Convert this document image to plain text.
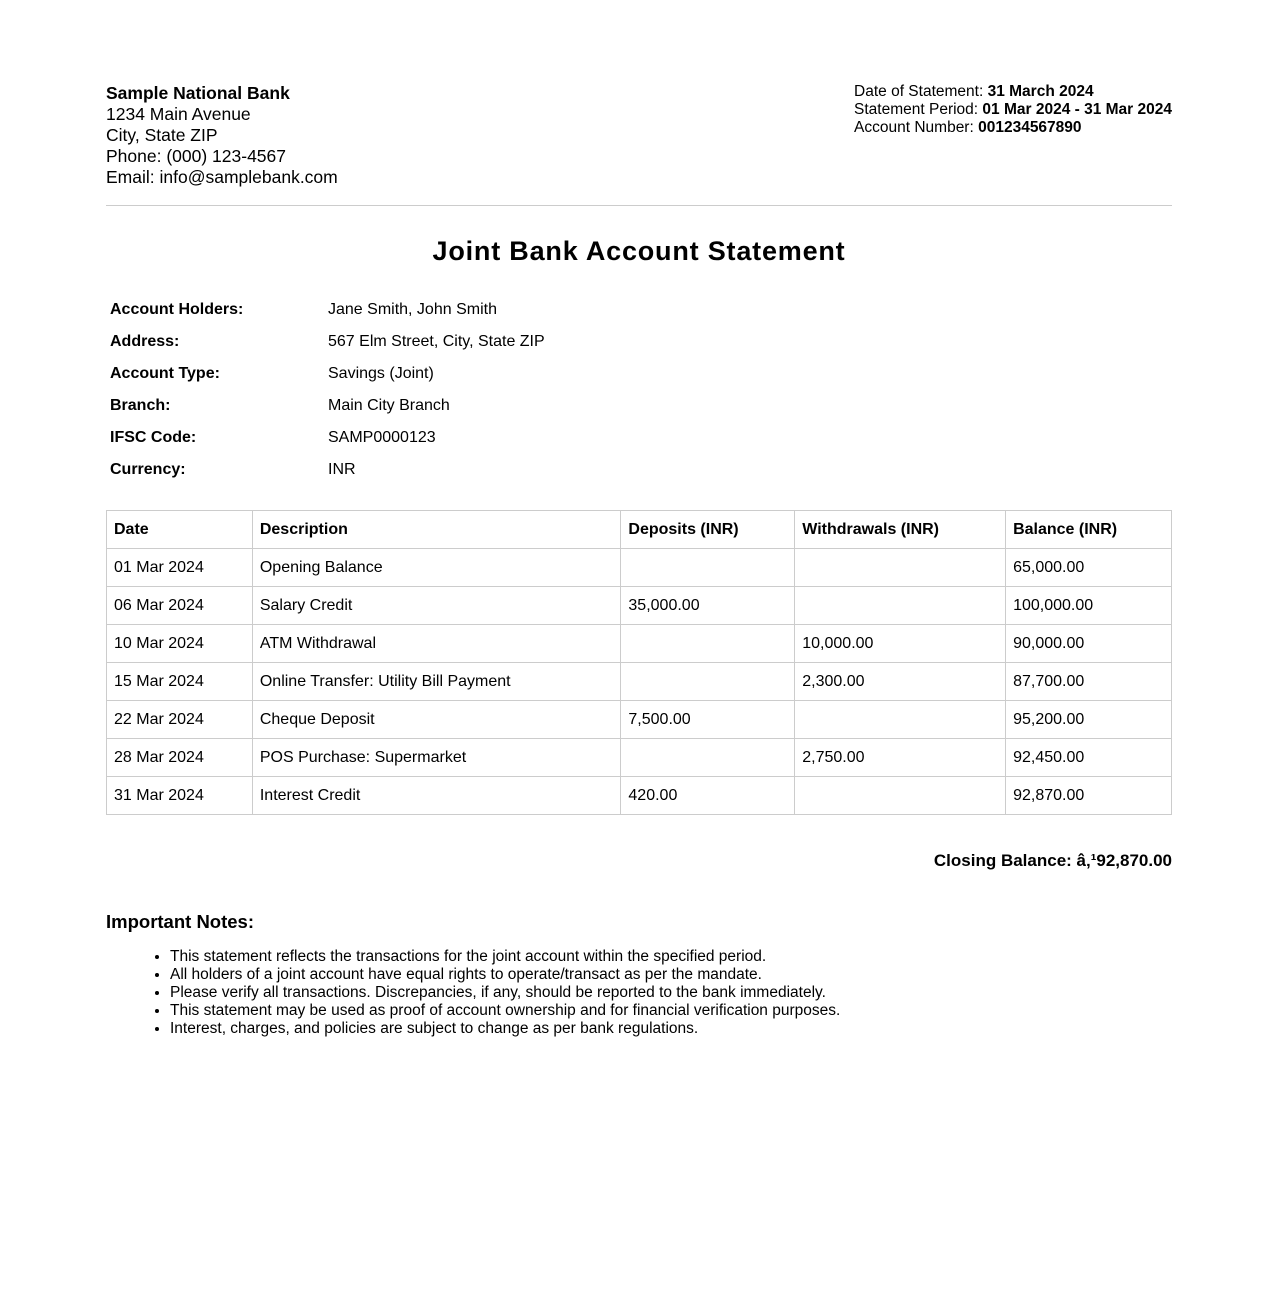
Sample National Bank
1234 Main Avenue
City, State ZIP
Phone: (000) 123-4567
Email: info@samplebank.com
Date of Statement: 31 March 2024
Statement Period: 01 Mar 2024 - 31 Mar 2024
Account Number: 001234567890
Joint Bank Account Statement
Account Holders:	Jane Smith, John Smith
Address:	567 Elm Street, City, State ZIP
Account Type:	Savings (Joint)
Branch:	Main City Branch
IFSC Code:	SAMP0000123
Currency:	INR
Date	Description	Deposits (INR)	Withdrawals (INR)	Balance (INR)
01 Mar 2024	Opening Balance			65,000.00
06 Mar 2024	Salary Credit	35,000.00		100,000.00
10 Mar 2024	ATM Withdrawal		10,000.00	90,000.00
15 Mar 2024	Online Transfer: Utility Bill Payment		2,300.00	87,700.00
22 Mar 2024	Cheque Deposit	7,500.00		95,200.00
28 Mar 2024	POS Purchase: Supermarket		2,750.00	92,450.00
31 Mar 2024	Interest Credit	420.00		92,870.00
Closing Balance: â‚¹92,870.00
Important Notes:
• This statement reflects the transactions for the joint account within the specified period.
• All holders of a joint account have equal rights to operate/transact as per the mandate.
• Please verify all transactions. Discrepancies, if any, should be reported to the bank immediately.
• This statement may be used as proof of account ownership and for financial verification purposes.
• Interest, charges, and policies are subject to change as per bank regulations.
